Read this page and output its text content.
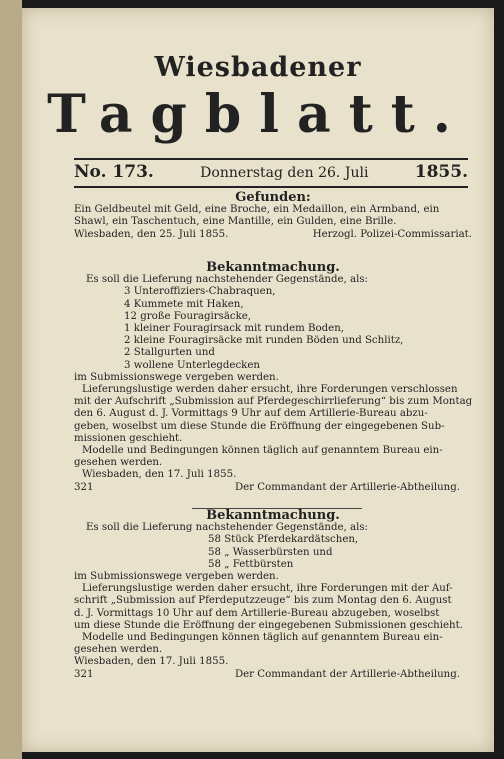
Wiesbadener
Tagblatt.
No. 173.	Donnerstag den 26. Juli	1855.
Gefunden:
Ein Geldbeutel mit Geld, eine Broche, ein Medaillon, ein Armband, ein
Shawl, ein Taschentuch, eine Mantille, ein Gulden, eine Brille.
Wiesbaden, den 25. Juli 1855.	Herzogl. Polizei-Commissariat.
Bekanntmachung.
Es soll die Lieferung nachstehender Gegenstände, als:
3 Unteroffiziers-Chabraquen,
4 Kummete mit Haken,
12 große Fouragirsäcke,
1 kleiner Fouragirsack mit rundem Boden,
2 kleine Fouragirsäcke mit runden Böden und Schlitz,
2 Stallgurten und
3 wollene Unterlegdecken
im Submissionswege vergeben werden.
Lieferungslustige werden daher ersucht, ihre Forderungen verschlossen
mit der Aufschrift „Submission auf Pferdegeschirrlieferung“ bis zum Montag
den 6. August d. J. Vormittags 9 Uhr auf dem Artillerie-Bureau abzu-
geben, woselbst um diese Stunde die Eröffnung der eingegebenen Sub-
missionen geschieht.
Modelle und Bedingungen können täglich auf genanntem Bureau ein-
gesehen werden.
Wiesbaden, den 17. Juli 1855.
321	Der Commandant der Artillerie-Abtheilung.
Bekanntmachung.
Es soll die Lieferung nachstehender Gegenstände, als:
58 Stück Pferdekardätschen,
58 „ Wasserbürsten und
58 „ Fettbürsten
im Submissionswege vergeben werden.
Lieferungslustige werden daher ersucht, ihre Forderungen mit der Auf-
schrift „Submission auf Pferdeputzzeuge“ bis zum Montag den 6. August
d. J. Vormittags 10 Uhr auf dem Artillerie-Bureau abzugeben, woselbst
um diese Stunde die Eröffnung der eingegebenen Submissionen geschieht.
Modelle und Bedingungen können täglich auf genanntem Bureau ein-
gesehen werden.
Wiesbaden, den 17. Juli 1855.
321	Der Commandant der Artillerie-Abtheilung.
